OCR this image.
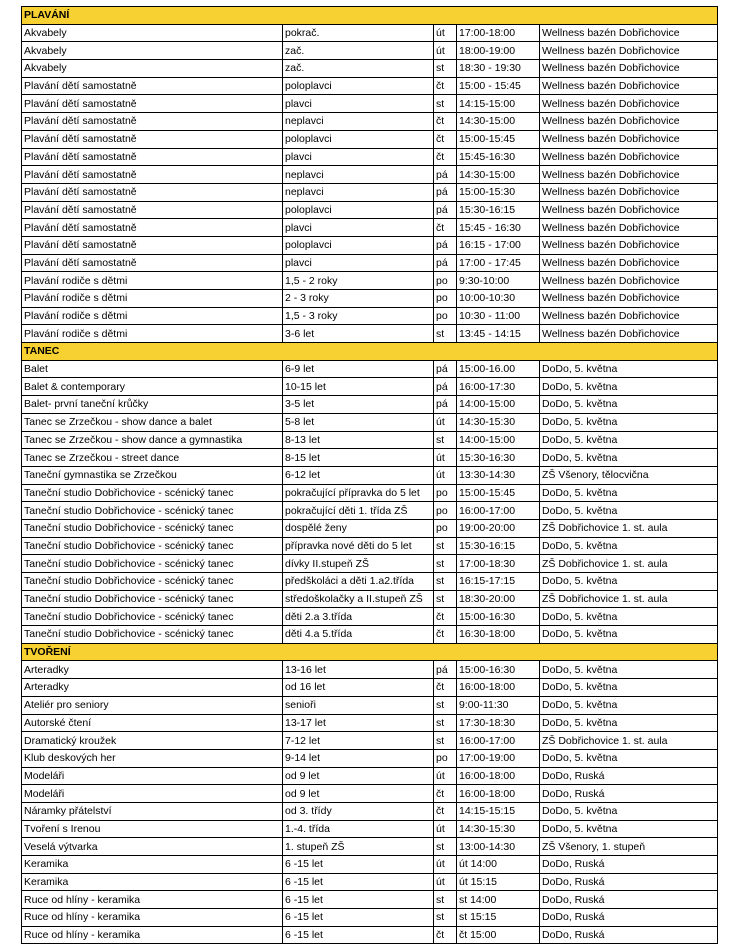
PLAVÁNÍ				
Akvabely	pokrač.	út	17:00-18:00	Wellness bazén Dobřichovice
Akvabely	zač.	út	18:00-19:00	Wellness bazén Dobřichovice
Akvabely	zač.	st	18:30 - 19:30	Wellness bazén Dobřichovice
Plavání dětí samostatně	poloplavci	čt	15:00 - 15:45	Wellness bazén Dobřichovice
Plavání dětí samostatně	plavci	st	14:15-15:00	Wellness bazén Dobřichovice
Plavání dětí samostatně	neplavci	čt	14:30-15:00	Wellness bazén Dobřichovice
Plavání dětí samostatně	poloplavci	čt	15:00-15:45	Wellness bazén Dobřichovice
Plavání dětí samostatně	plavci	čt	15:45-16:30	Wellness bazén Dobřichovice
Plavání dětí samostatně	neplavci	pá	14:30-15:00	Wellness bazén Dobřichovice
Plavání dětí samostatně	neplavci	pá	15:00-15:30	Wellness bazén Dobřichovice
Plavání dětí samostatně	poloplavci	pá	15:30-16:15	Wellness bazén Dobřichovice
Plavání dětí samostatně	plavci	čt	15:45 - 16:30	Wellness bazén Dobřichovice
Plavání dětí samostatně	poloplavci	pá	16:15 - 17:00	Wellness bazén Dobřichovice
Plavání dětí samostatně	plavci	pá	17:00 - 17:45	Wellness bazén Dobřichovice
Plavání rodiče s dětmi	1,5 - 2 roky	po	9:30-10:00	Wellness bazén Dobřichovice
Plavání rodiče s dětmi	2 - 3 roky	po	10:00-10:30	Wellness bazén Dobřichovice
Plavání rodiče s dětmi	1,5 - 3 roky	po	10:30 - 11:00	Wellness bazén Dobřichovice
Plavání rodiče s dětmi	3-6 let	st	13:45 - 14:15	Wellness bazén Dobřichovice
TANEC				
Balet	6-9 let	pá	15:00-16.00	DoDo, 5. května
Balet & contemporary	10-15 let	pá	16:00-17:30	DoDo, 5. května
Balet- první taneční krůčky	3-5 let	pá	14:00-15:00	DoDo, 5. května
Tanec se Zrzečkou - show dance a balet	5-8 let	út	14:30-15:30	DoDo, 5. května
Tanec se Zrzečkou - show dance a gymnastika	8-13 let	st	14:00-15:00	DoDo, 5. května
Tanec se Zrzečkou - street dance	8-15 let	út	15:30-16:30	DoDo, 5. května
Taneční gymnastika se Zrzečkou	6-12 let	út	13:30-14:30	ZŠ Všenory, tělocvična
Taneční studio Dobřichovice - scénický tanec	pokračující přípravka do 5 let	po	15:00-15:45	DoDo, 5. května
Taneční studio Dobřichovice - scénický tanec	pokračující děti 1. třída ZŠ	po	16:00-17:00	DoDo, 5. května
Taneční studio Dobřichovice - scénický tanec	dospělé ženy	po	19:00-20:00	ZŠ Dobřichovice 1. st. aula
Taneční studio Dobřichovice - scénický tanec	přípravka nové děti do 5 let	st	15:30-16:15	DoDo, 5. května
Taneční studio Dobřichovice - scénický tanec	dívky II.stupeň ZŠ	st	17:00-18:30	ZŠ Dobřichovice 1. st. aula
Taneční studio Dobřichovice - scénický tanec	předškoláci a děti 1.a2.třída	st	16:15-17:15	DoDo, 5. května
Taneční studio Dobřichovice - scénický tanec	středoškolačky a II.stupeň ZŠ	st	18:30-20:00	ZŠ Dobřichovice 1. st. aula
Taneční studio Dobřichovice - scénický tanec	děti 2.a 3.třída	čt	15:00-16:30	DoDo, 5. května
Taneční studio Dobřichovice - scénický tanec	děti 4.a 5.třída	čt	16:30-18:00	DoDo, 5. května
TVOŘENÍ				
Arteradky	13-16 let	pá	15:00-16:30	DoDo, 5. května
Arteradky	od 16 let	čt	16:00-18:00	DoDo, 5. května
Ateliér pro seniory	senioři	st	9:00-11:30	DoDo, 5. května
Autorské čtení	13-17 let	st	17:30-18:30	DoDo, 5. května
Dramatický kroužek	7-12 let	st	16:00-17:00	ZŠ Dobřichovice 1. st. aula
Klub deskových her	9-14 let	po	17:00-19:00	DoDo, 5. května
Modeláři	od 9 let	út	16:00-18:00	DoDo, Ruská
Modeláři	od 9 let	čt	16:00-18:00	DoDo, Ruská
Náramky přátelství	od 3. třídy	čt	14:15-15:15	DoDo, 5. května
Tvoření s Irenou	1.-4. třída	út	14:30-15:30	DoDo, 5. května
Veselá výtvarka	1. stupeň ZŠ	st	13:00-14:30	ZŠ Všenory, 1. stupeň
Keramika	6 -15 let	út	út 14:00	DoDo, Ruská
Keramika	6 -15 let	út	út 15:15	DoDo, Ruská
Ruce od hlíny - keramika	6 -15 let	st	st 14:00	DoDo, Ruská
Ruce od hlíny - keramika	6 -15 let	st	st 15:15	DoDo, Ruská
Ruce od hlíny - keramika	6 -15 let	čt	čt 15:00	DoDo, Ruská
